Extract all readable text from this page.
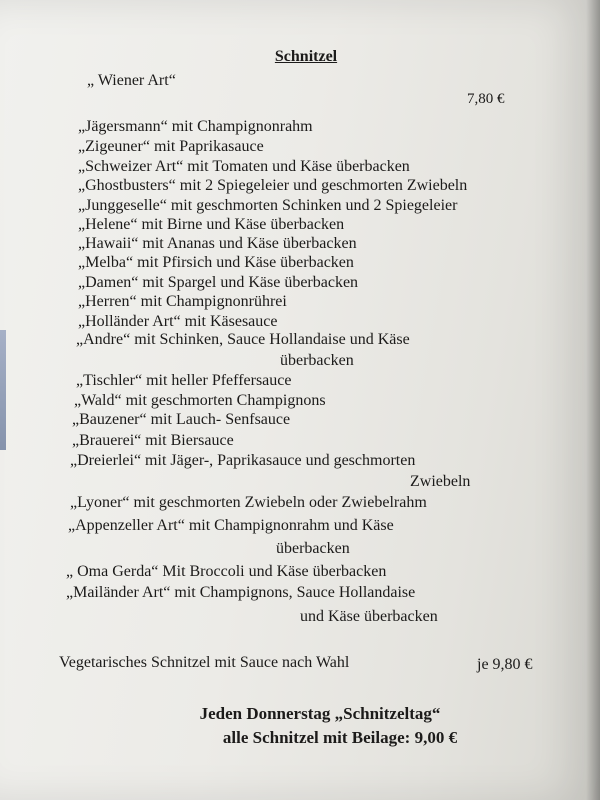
Schnitzel
„ Wiener Art“
7,80 €
„Jägersmann“ mit Champignonrahm
„Zigeuner“ mit Paprikasauce
„Schweizer Art“ mit Tomaten und Käse überbacken
„Ghostbusters“ mit 2 Spiegeleier und geschmorten Zwiebeln
„Junggeselle“ mit geschmorten Schinken und 2 Spiegeleier
„Helene“ mit Birne und Käse überbacken
„Hawaii“ mit Ananas und Käse überbacken
„Melba“ mit Pfirsich und Käse überbacken
„Damen“ mit Spargel und Käse überbacken
„Herren“ mit Champignonrührei
„Holländer Art“ mit Käsesauce
„Andre“ mit Schinken, Sauce Hollandaise und Käse
überbacken
„Tischler“ mit heller Pfeffersauce
„Wald“ mit geschmorten Champignons
„Bauzener“ mit Lauch- Senfsauce
„Brauerei“ mit Biersauce
„Dreierlei“ mit Jäger-, Paprikasauce und geschmorten
Zwiebeln
„Lyoner“ mit geschmorten Zwiebeln oder Zwiebelrahm
„Appenzeller Art“ mit Champignonrahm und Käse
überbacken
„ Oma Gerda“ Mit Broccoli und Käse überbacken
„Mailänder Art“ mit Champignons, Sauce Hollandaise
und Käse überbacken
Vegetarisches Schnitzel mit Sauce nach Wahl	je 9,80 €
Jeden Donnerstag „Schnitzeltag“
alle Schnitzel mit Beilage: 9,00 €
